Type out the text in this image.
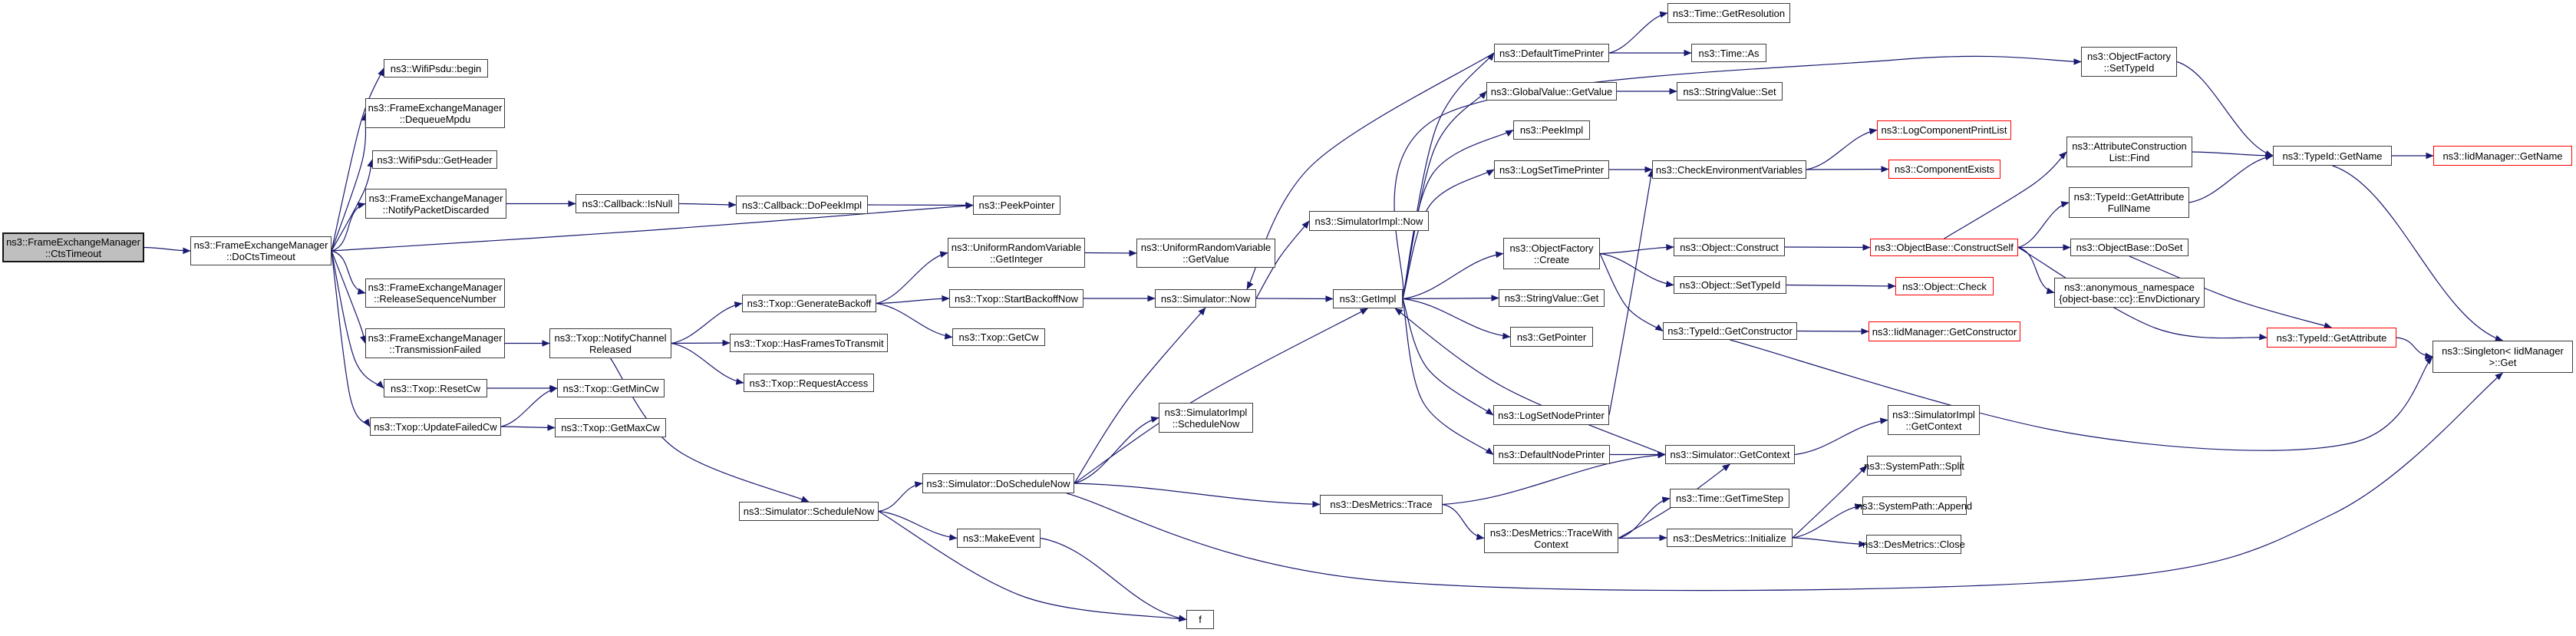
ns3::FrameExchangeManager
::CtsTimeout
ns3::FrameExchangeManager
::DoCtsTimeout
ns3::WifiPsdu::begin
ns3::FrameExchangeManager
::DequeueMpdu
ns3::WifiPsdu::GetHeader
ns3::FrameExchangeManager
::NotifyPacketDiscarded
ns3::FrameExchangeManager
::ReleaseSequenceNumber
ns3::FrameExchangeManager
::TransmissionFailed
ns3::Txop::ResetCw
ns3::Txop::UpdateFailedCw
ns3::Callback::IsNull
ns3::Txop::NotifyChannel
Released
ns3::Txop::GetMinCw
ns3::Txop::GetMaxCw
ns3::Callback::DoPeekImpl
ns3::Txop::GenerateBackoff
ns3::Txop::HasFramesToTransmit
ns3::Txop::RequestAccess
ns3::Simulator::ScheduleNow
ns3::PeekPointer
ns3::UniformRandomVariable
::GetInteger
ns3::Txop::StartBackoffNow
ns3::Txop::GetCw
ns3::Simulator::DoScheduleNow
ns3::MakeEvent
f
ns3::UniformRandomVariable
::GetValue
ns3::Simulator::Now
ns3::SimulatorImpl::Now
ns3::SimulatorImpl
::ScheduleNow
ns3::GetImpl
ns3::DesMetrics::Trace
ns3::DefaultTimePrinter
ns3::GlobalValue::GetValue
ns3::PeekImpl
ns3::LogSetTimePrinter
ns3::ObjectFactory
::Create
ns3::StringValue::Get
ns3::GetPointer
ns3::LogSetNodePrinter
ns3::DefaultNodePrinter
ns3::DesMetrics::TraceWith
Context
ns3::Time::GetResolution
ns3::Time::As
ns3::StringValue::Set
ns3::CheckEnvironmentVariables
ns3::Object::Construct
ns3::Object::SetTypeId
ns3::TypeId::GetConstructor
ns3::Simulator::GetContext
ns3::Time::GetTimeStep
ns3::DesMetrics::Initialize
ns3::ObjectFactory
::SetTypeId
ns3::LogComponentPrintList
ns3::ComponentExists
ns3::AttributeConstruction
List::Find
ns3::TypeId::GetAttribute
FullName
ns3::ObjectBase::ConstructSelf	ns3::ObjectBase::DoSet
ns3::Object::Check	ns3::anonymous_namespace
{object-base::cc}::EnvDictionary
ns3::IidManager::GetConstructor
ns3::SimulatorImpl
::GetContext
ns3::SystemPath::Split
ns3::SystemPath::Append
ns3::DesMetrics::Close
ns3::TypeId::GetName
ns3::TypeId::GetAttribute
ns3::IidManager::GetName
ns3::Singleton< IidManager
>::Get
